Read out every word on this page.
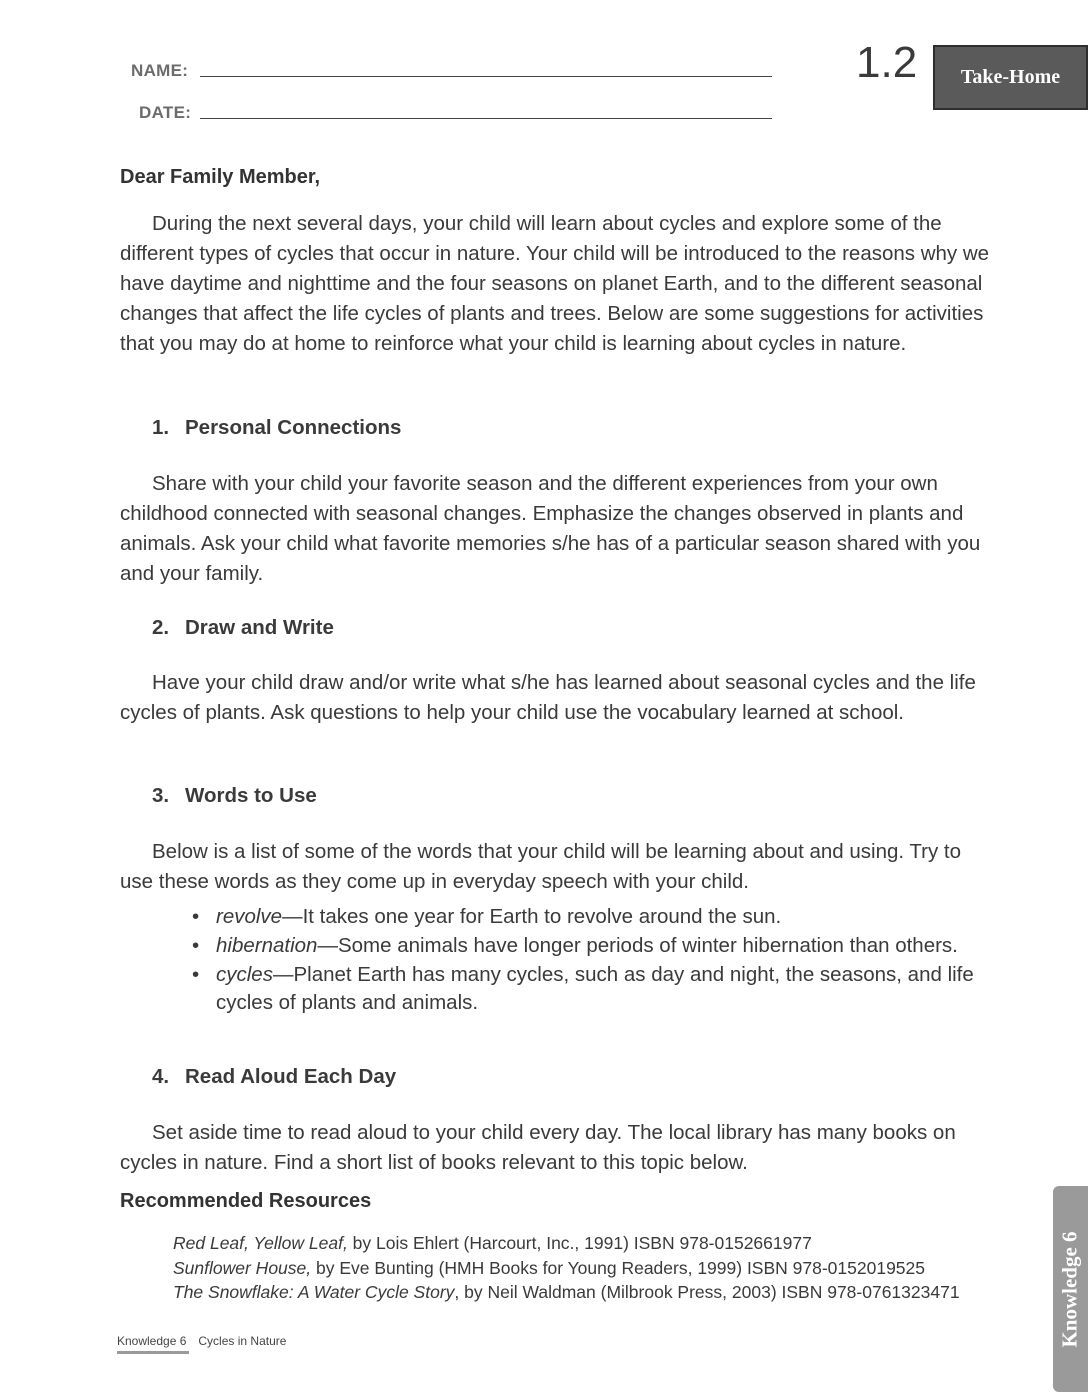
NAME:
DATE:
1.2	Take-Home
Dear Family Member,
During the next several days, your child will learn about cycles and explore some of the different types of cycles that occur in nature. Your child will be introduced to the reasons why we have daytime and nighttime and the four seasons on planet Earth, and to the different seasonal changes that affect the life cycles of plants and trees. Below are some suggestions for activities that you may do at home to reinforce what your child is learning about cycles in nature.
1. Personal Connections
Share with your child your favorite season and the different experiences from your own childhood connected with seasonal changes. Emphasize the changes observed in plants and animals. Ask your child what favorite memories s/he has of a particular season shared with you and your family.
2. Draw and Write
Have your child draw and/or write what s/he has learned about seasonal cycles and the life cycles of plants. Ask questions to help your child use the vocabulary learned at school.
3. Words to Use
Below is a list of some of the words that your child will be learning about and using. Try to use these words as they come up in everyday speech with your child.
• revolve—It takes one year for Earth to revolve around the sun.
• hibernation—Some animals have longer periods of winter hibernation than others.
• cycles—Planet Earth has many cycles, such as day and night, the seasons, and life cycles of plants and animals.
4. Read Aloud Each Day
Set aside time to read aloud to your child every day. The local library has many books on cycles in nature. Find a short list of books relevant to this topic below.
Recommended Resources
Red Leaf, Yellow Leaf, by Lois Ehlert (Harcourt, Inc., 1991) ISBN 978-0152661977
Sunflower House, by Eve Bunting (HMH Books for Young Readers, 1999) ISBN 978-0152019525
The Snowflake: A Water Cycle Story, by Neil Waldman (Milbrook Press, 2003) ISBN 978-0761323471
Knowledge 6 Cycles in Nature	Knowledge 6
